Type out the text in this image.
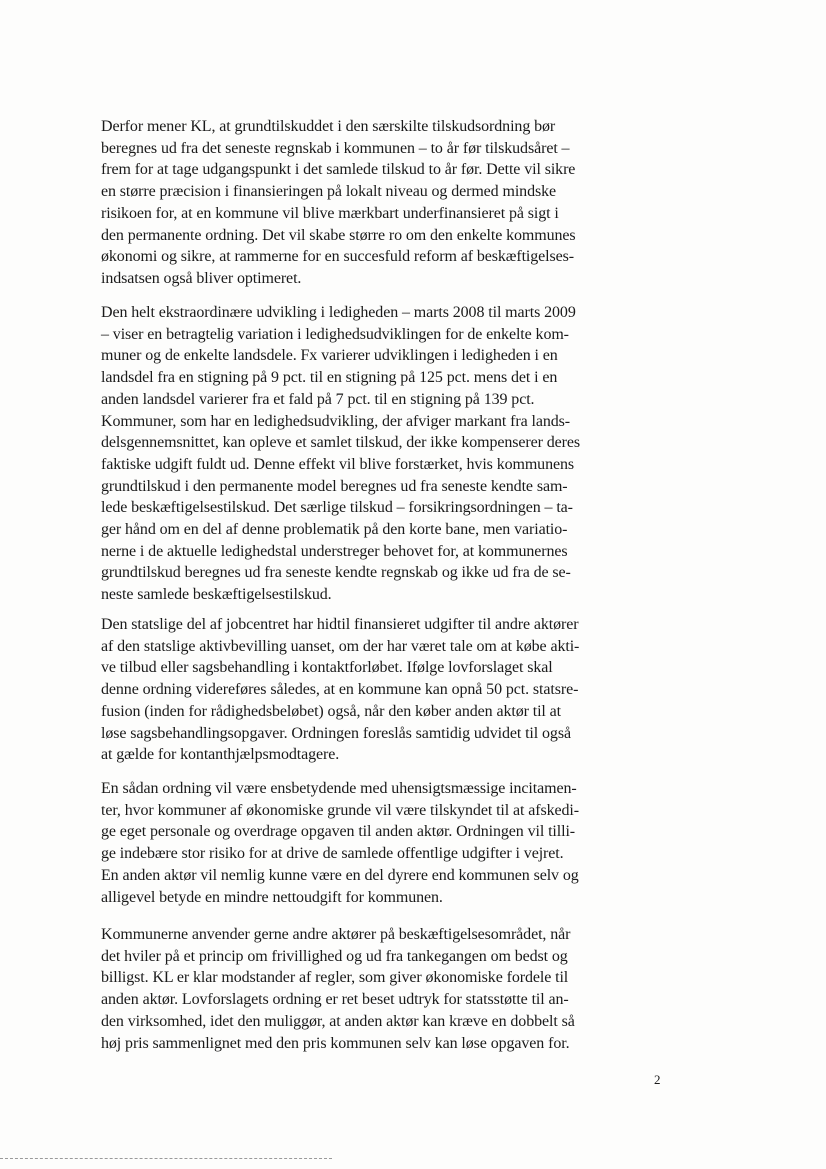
Derfor mener KL, at grundtilskuddet i den særskilte tilskudsordning bør
beregnes ud fra det seneste regnskab i kommunen – to år før tilskudsåret –
frem for at tage udgangspunkt i det samlede tilskud to år før. Dette vil sikre
en større præcision i finansieringen på lokalt niveau og dermed mindske
risikoen for, at en kommune vil blive mærkbart underfinansieret på sigt i
den permanente ordning. Det vil skabe større ro om den enkelte kommunes
økonomi og sikre, at rammerne for en succesfuld reform af beskæftigelses-
indsatsen også bliver optimeret.
Den helt ekstraordinære udvikling i ledigheden – marts 2008 til marts 2009
– viser en betragtelig variation i ledighedsudviklingen for de enkelte kom-
muner og de enkelte landsdele. Fx varierer udviklingen i ledigheden i en
landsdel fra en stigning på 9 pct. til en stigning på 125 pct. mens det i en
anden landsdel varierer fra et fald på 7 pct. til en stigning på 139 pct.
Kommuner, som har en ledighedsudvikling, der afviger markant fra lands-
delsgennemsnittet, kan opleve et samlet tilskud, der ikke kompenserer deres
faktiske udgift fuldt ud. Denne effekt vil blive forstærket, hvis kommunens
grundtilskud i den permanente model beregnes ud fra seneste kendte sam-
lede beskæftigelsestilskud. Det særlige tilskud – forsikringsordningen – ta-
ger hånd om en del af denne problematik på den korte bane, men variatio-
nerne i de aktuelle ledighedstal understreger behovet for, at kommunernes
grundtilskud beregnes ud fra seneste kendte regnskab og ikke ud fra de se-
neste samlede beskæftigelsestilskud.
Den statslige del af jobcentret har hidtil finansieret udgifter til andre aktører
af den statslige aktivbevilling uanset, om der har været tale om at købe akti-
ve tilbud eller sagsbehandling i kontaktforløbet. Ifølge lovforslaget skal
denne ordning videreføres således, at en kommune kan opnå 50 pct. statsre-
fusion (inden for rådighedsbeløbet) også, når den køber anden aktør til at
løse sagsbehandlingsopgaver. Ordningen foreslås samtidig udvidet til også
at gælde for kontanthjælpsmodtagere.
En sådan ordning vil være ensbetydende med uhensigtsmæssige incitamen-
ter, hvor kommuner af økonomiske grunde vil være tilskyndet til at afskedi-
ge eget personale og overdrage opgaven til anden aktør. Ordningen vil tilli-
ge indebære stor risiko for at drive de samlede offentlige udgifter i vejret.
En anden aktør vil nemlig kunne være en del dyrere end kommunen selv og
alligevel betyde en mindre nettoudgift for kommunen.
Kommunerne anvender gerne andre aktører på beskæftigelsesområdet, når
det hviler på et princip om frivillighed og ud fra tankegangen om bedst og
billigst. KL er klar modstander af regler, som giver økonomiske fordele til
anden aktør. Lovforslagets ordning er ret beset udtryk for statsstøtte til an-
den virksomhed, idet den muliggør, at anden aktør kan kræve en dobbelt så
høj pris sammenlignet med den pris kommunen selv kan løse opgaven for.
2
